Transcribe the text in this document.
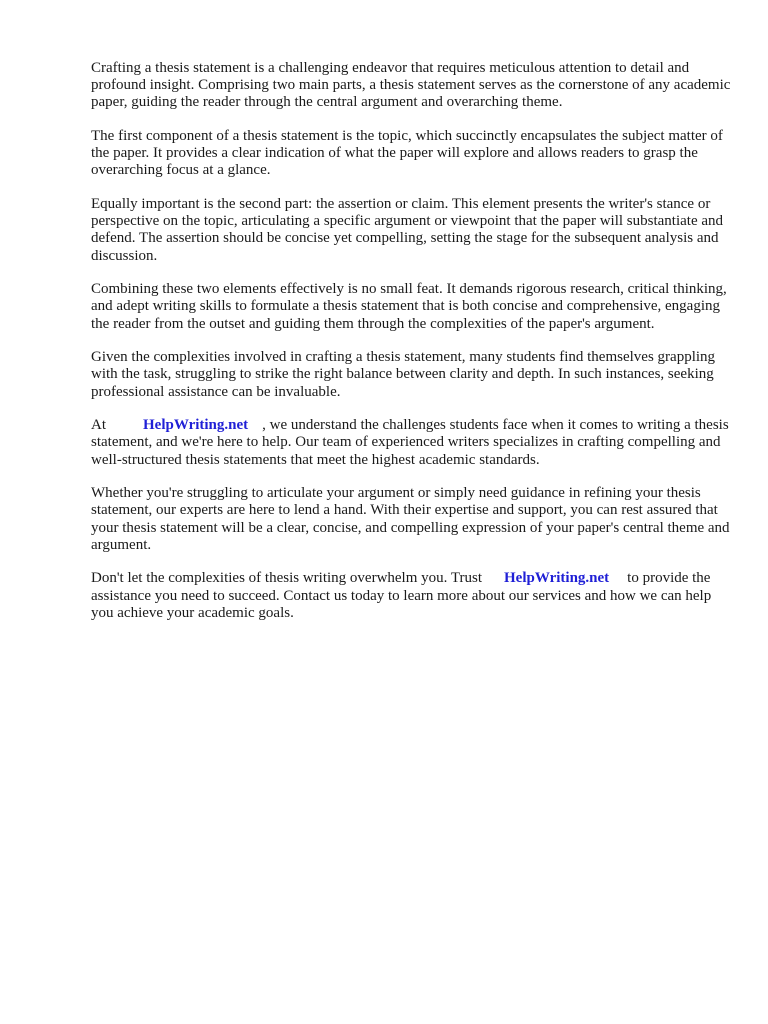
Crafting a thesis statement is a challenging endeavor that requires meticulous attention to detail and profound insight. Comprising two main parts, a thesis statement serves as the cornerstone of any academic paper, guiding the reader through the central argument and overarching theme.

The first component of a thesis statement is the topic, which succinctly encapsulates the subject matter of the paper. It provides a clear indication of what the paper will explore and allows readers to grasp the overarching focus at a glance.

Equally important is the second part: the assertion or claim. This element presents the writer's stance or perspective on the topic, articulating a specific argument or viewpoint that the paper will substantiate and defend. The assertion should be concise yet compelling, setting the stage for the subsequent analysis and discussion.

Combining these two elements effectively is no small feat. It demands rigorous research, critical thinking, and adept writing skills to formulate a thesis statement that is both concise and comprehensive, engaging the reader from the outset and guiding them through the complexities of the paper's argument.

Given the complexities involved in crafting a thesis statement, many students find themselves grappling with the task, struggling to strike the right balance between clarity and depth. In such instances, seeking professional assistance can be invaluable.

At HelpWriting.net , we understand the challenges students face when it comes to writing a thesis statement, and we're here to help. Our team of experienced writers specializes in crafting compelling and well-structured thesis statements that meet the highest academic standards.

Whether you're struggling to articulate your argument or simply need guidance in refining your thesis statement, our experts are here to lend a hand. With their expertise and support, you can rest assured that your thesis statement will be a clear, concise, and compelling expression of your paper's central theme and argument.

Don't let the complexities of thesis writing overwhelm you. Trust HelpWriting.net to provide the assistance you need to succeed. Contact us today to learn more about our services and how we can help you achieve your academic goals.
